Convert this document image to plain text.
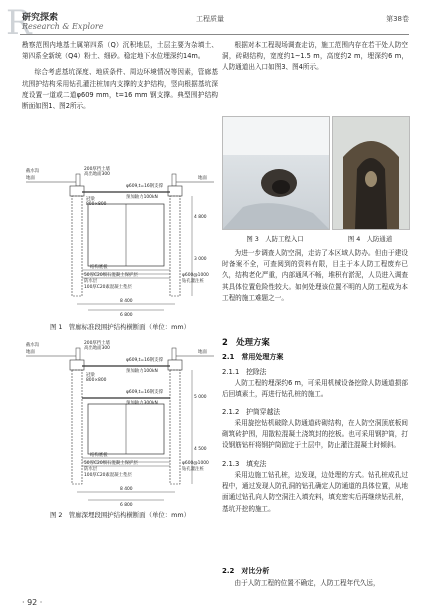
R
研究探索
Research & Explore
工程质量	第38卷

勘察范围内地基土属第四系（Q）沉积地层，土层主要为杂填土、第四系全新统（Q4）粉土、细砂。稳定地下水位埋深约14m。

综合考虑基坑深度、地质条件、周边环境情况等因素，管廊基坑围护结构采用钻孔灌注桩加内支撑的支护结构，竖向根据基坑深度设置一道或二道φ609 mm，t=16 mm 钢支撑。典型围护结构断面如图1、图2所示。

截水沟
地面	地面
200厚挡土墙
高出地面300
冠梁
800×800
φ609,t=16钢支撑
预加轴力100kN
结构底板
50厚C20细石混凝土保护层
防水层
100厚C20素混凝土垫层
φ600@1000
钻孔灌注桩
8 400
6 800
4 800
3 000
图 1　管廊标准段围护结构横断面（单位：mm）
截水沟
地面	地面
200厚挡土墙
高出地面300
φ609,t=16钢支撑
预加轴力100kN
冠梁
800×800
φ609,t=16钢支撑
预加轴力300kN
结构底板
50厚C20细石混凝土保护层
防水层
100厚C20素混凝土垫层
φ600@1000
钻孔灌注桩
8 400
6 800
5 000
4 500
图 2　管廊深埋段围护结构横断面（单位：mm）

根据对本工程现场调查走访，施工范围内存在若干处人防空洞，砖砌结构，宽度约1~1.5 m，高度约2 m，埋深约6 m，人防通道出入口如图3、图4所示。

图 3　人防工程入口	图 4　人防通道

为进一步调查人防空洞，走访了本区域人防办。但由于建设时备案不全，可查阅到的资料有限，目主于本人防工程废弃已久，结构老化严重，内部通风不畅，堆积有淤泥，人员进入调查其具体位置危险性较大。如何处理该位置不明的人防工程成为本工程的施工难题之一。

2　处理方案
2.1　常用处理方案
2.1.1　挖除法

人防工程的埋深约6 m，可采用机械设备挖除人防通道损部后回填素土，再进行钻孔桩的施工。

2.1.2　护筒穿越法

采用旋挖钻机破除人防通道砖砌结构，在人防空洞顶底板间砌筑砖护围，用散粒混凝土浇筑封的挖板。也可采用钢护筒，打设钢筋钻杆将钢护筒固定于土层中，防止灌注混凝土时倾斜。

2.1.3　填充法

采用边施工钻孔桩，边发现，边处理的方式。钻孔桩成孔过程中，通过发现人防孔洞的钻孔确定人防通道的具体位置，从地面通过钻孔向人防空洞注入填充料，填充密实后再继续钻孔桩，基坑开挖的施工。

2.2　对比分析

由于人防工程的位置不确定，人防工程年代久远，

· 92 ·
